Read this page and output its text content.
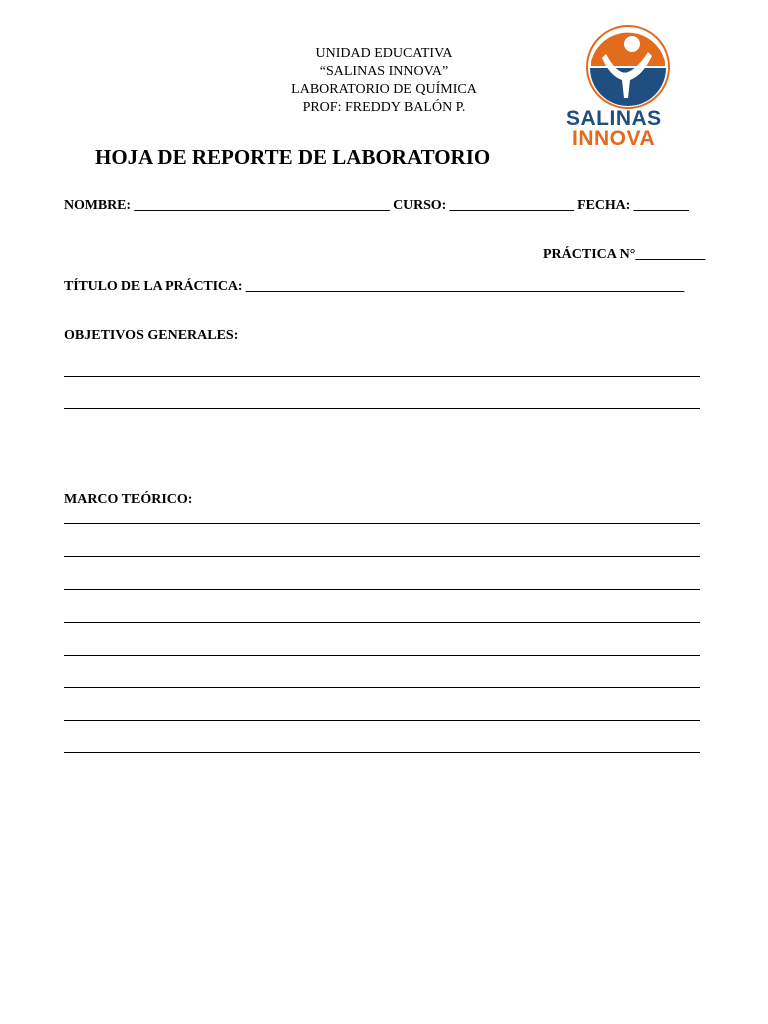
UNIDAD EDUCATIVA
“SALINAS INNOVA”
LABORATORIO DE QUÍMICA
PROF: FREDDY BALÓN P.	SALINAS
INNOVA
HOJA DE REPORTE DE LABORATORIO
NOMBRE: _____________________________________ CURSO: __________________ FECHA: ________
PRÁCTICA N°__________
TÍTULO DE LA PRÁCTICA: ________________________________________________________________
OBJETIVOS GENERALES:
MARCO TEÓRICO:
